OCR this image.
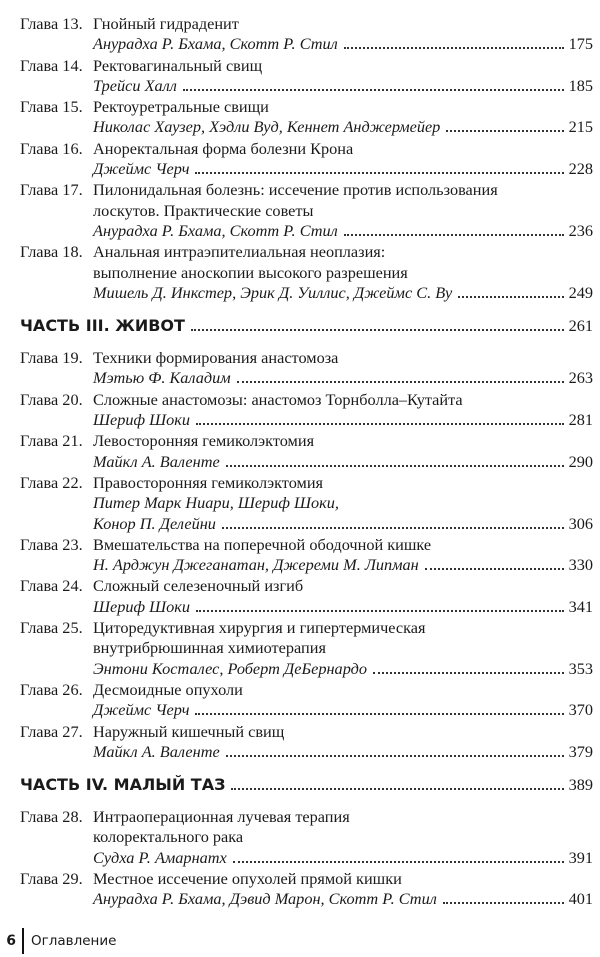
Глава 13. Гнойный гидраденит
Анурадха Р. Бхама, Скотт Р. Стил	175
Глава 14. Ректовагинальный свищ
Трейси Халл	185
Глава 15. Ректоуретральные свищи
Николас Хаузер, Хэдли Вуд, Кеннет Анджермейер	215
Глава 16. Аноректальная форма болезни Крона
Джеймс Черч	228
Глава 17. Пилонидальная болезнь: иссечение против использования
лоскутов. Практические советы
Анурадха Р. Бхама, Скотт Р. Стил	236
Глава 18. Анальная интраэпителиальная неоплазия:
выполнение аноскопии высокого разрешения
Мишель Д. Инкстер, Эрик Д. Уиллис, Джеймс С. Ву	249
ЧАСТЬ III. ЖИВОТ	261
Глава 19. Техники формирования анастомоза
Мэтью Ф. Каладим	263
Глава 20. Сложные анастомозы: анастомоз Торнболла–Кутайта
Шериф Шоки	281
Глава 21. Левосторонняя гемиколэктомия
Майкл А. Валенте	290
Глава 22. Правосторонняя гемиколэктомия
Питер Марк Ниари, Шериф Шоки,
Конор П. Делейни	306
Глава 23. Вмешательства на поперечной ободочной кишке
Н. Арджун Джеганатан, Джереми М. Липман	330
Глава 24. Сложный селезеночный изгиб
Шериф Шоки	341
Глава 25. Циторедуктивная хирургия и гипертермическая
внутрибрюшинная химиотерапия
Энтони Косталес, Роберт ДеБернардо	353
Глава 26. Десмоидные опухоли
Джеймс Черч	370
Глава 27. Наружный кишечный свищ
Майкл А. Валенте	379
ЧАСТЬ IV. МАЛЫЙ ТАЗ	389
Глава 28. Интраоперационная лучевая терапия
колоректального рака
Судха Р. Амарнатх	391
Глава 29. Местное иссечение опухолей прямой кишки
Анурадха Р. Бхама, Дэвид Марон, Скотт Р. Стил	401
6 Оглавление
